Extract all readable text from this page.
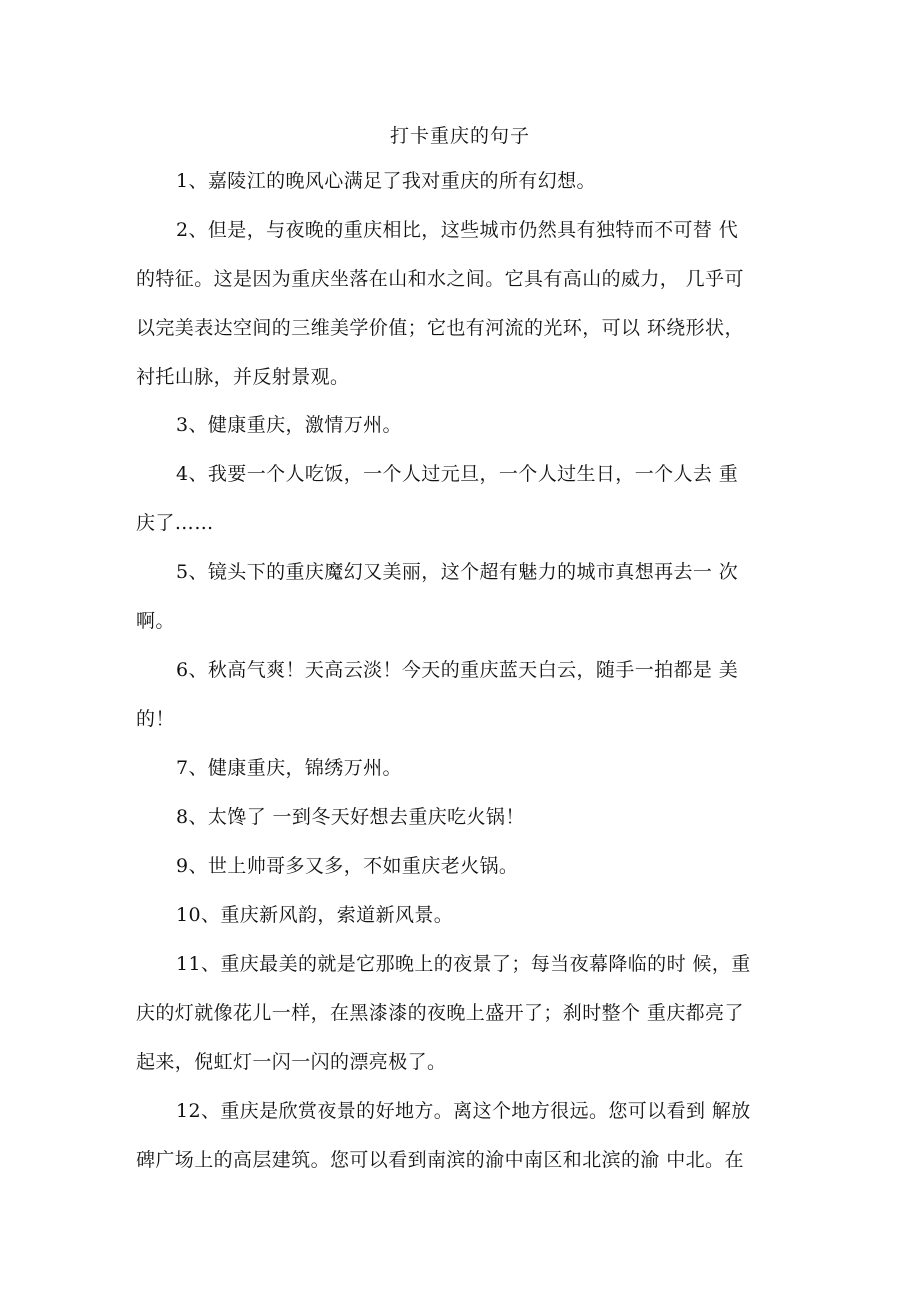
打卡重庆的句子
1、嘉陵江的晚风心满足了我对重庆的所有幻想。
2、但是，与夜晚的重庆相比，这些城市仍然具有独特而不可替 代
的特征。这是因为重庆坐落在山和水之间。它具有高山的威力， 几乎可
以完美表达空间的三维美学价值；它也有河流的光环，可以 环绕形状，
衬托山脉，并反射景观。
3、健康重庆，激情万州。
4、我要一个人吃饭，一个人过元旦，一个人过生日，一个人去 重
庆了……
5、镜头下的重庆魔幻又美丽，这个超有魅力的城市真想再去一 次
啊。
6、秋高气爽！天高云淡！今天的重庆蓝天白云，随手一拍都是 美
的！
7、健康重庆，锦绣万州。
8、太馋了 一到冬天好想去重庆吃火锅！
9、世上帅哥多又多，不如重庆老火锅。
10、重庆新风韵，索道新风景。
11、重庆最美的就是它那晚上的夜景了；每当夜幕降临的时 候，重
庆的灯就像花儿一样，在黑漆漆的夜晚上盛开了；刹时整个 重庆都亮了
起来，倪虹灯一闪一闪的漂亮极了。
12、重庆是欣赏夜景的好地方。离这个地方很远。您可以看到 解放
碑广场上的高层建筑。您可以看到南滨的渝中南区和北滨的渝 中北。在
